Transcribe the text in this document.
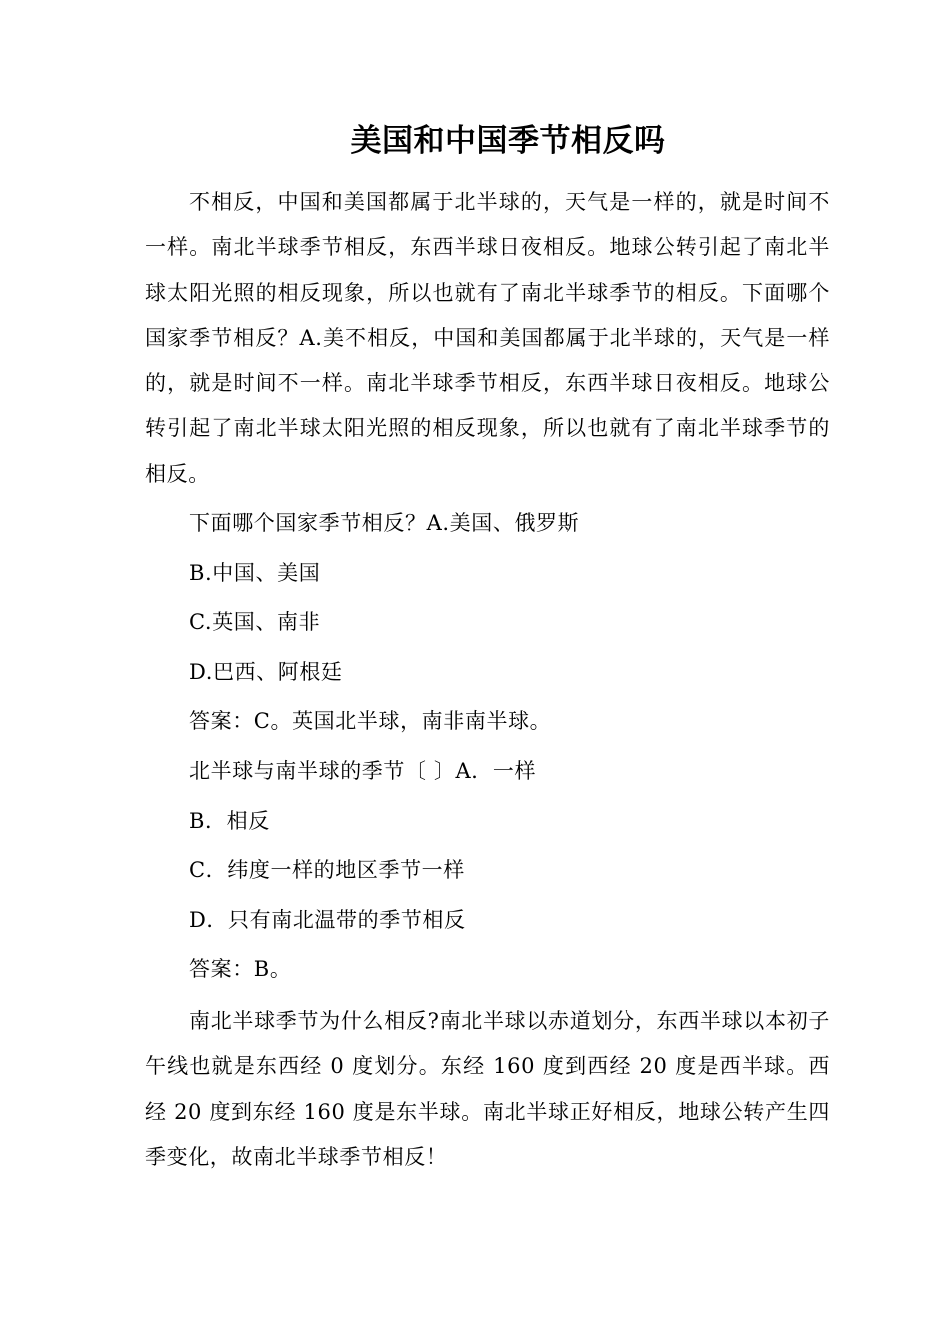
美国和中国季节相反吗

不相反，中国和美国都属于北半球的，天气是一样的，就是时间不一样。南北半球季节相反，东西半球日夜相反。地球公转引起了南北半球太阳光照的相反现象，所以也就有了南北半球季节的相反。下面哪个国家季节相反？A.美不相反，中国和美国都属于北半球的，天气是一样的，就是时间不一样。南北半球季节相反，东西半球日夜相反。地球公转引起了南北半球太阳光照的相反现象，所以也就有了南北半球季节的相反。

下面哪个国家季节相反？A.美国、俄罗斯

B.中国、美国

C.英国、南非

D.巴西、阿根廷

答案：C。英国北半球，南非南半球。

北半球与南半球的季节〔 〕A．一样

B．相反

C．纬度一样的地区季节一样

D．只有南北温带的季节相反

答案：B。

南北半球季节为什么相反?南北半球以赤道划分，东西半球以本初子午线也就是东西经 0 度划分。东经 160 度到西经 20 度是西半球。西经 20 度到东经 160 度是东半球。南北半球正好相反，地球公转产生四季变化，故南北半球季节相反！
